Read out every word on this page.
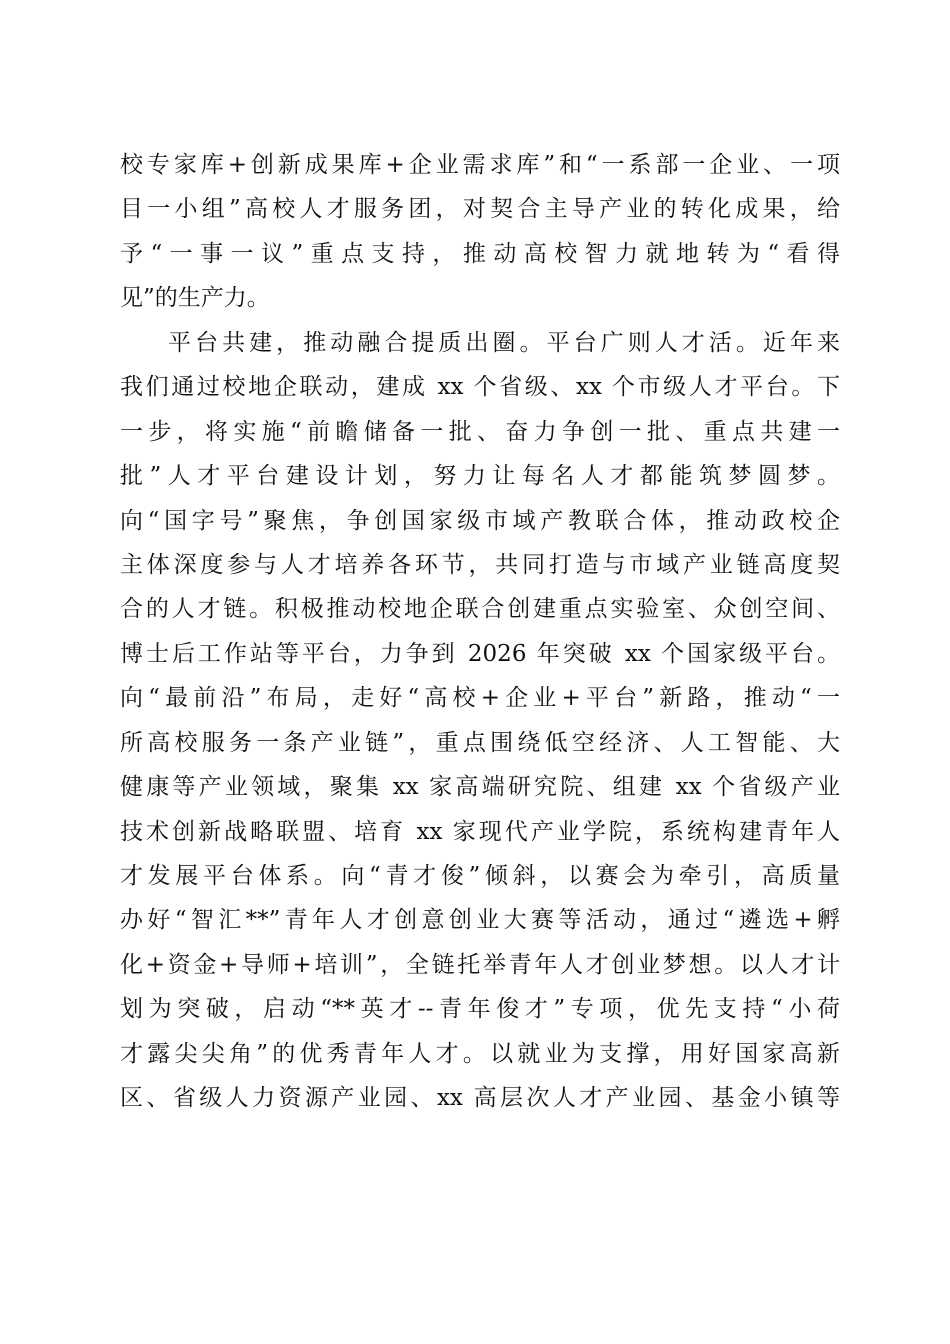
校专家库+创新成果库+企业需求库”和“一系部一企业、一项
目一小组”高校人才服务团，对契合主导产业的转化成果，给
予“一事一议”重点支持，推动高校智力就地转为“看得
见”的生产力。
平台共建，推动融合提质出圈。平台广则人才活。近年来
我们通过校地企联动，建成 xx 个省级、xx 个市级人才平台。下
一步，将实施“前瞻储备一批、奋力争创一批、重点共建一
批”人才平台建设计划，努力让每名人才都能筑梦圆梦。
向“国字号”聚焦，争创国家级市域产教联合体，推动政校企
主体深度参与人才培养各环节，共同打造与市域产业链高度契
合的人才链。积极推动校地企联合创建重点实验室、众创空间、
博士后工作站等平台，力争到 2026 年突破 xx 个国家级平台。
向“最前沿”布局，走好“高校+企业+平台”新路，推动“一
所高校服务一条产业链”，重点围绕低空经济、人工智能、大
健康等产业领域，聚集 xx 家高端研究院、组建 xx 个省级产业
技术创新战略联盟、培育 xx 家现代产业学院，系统构建青年人
才发展平台体系。向“青才俊”倾斜，以赛会为牵引，高质量
办好“智汇**”青年人才创意创业大赛等活动，通过“遴选+孵
化+资金+导师+培训”，全链托举青年人才创业梦想。以人才计
划为突破，启动“**英才--青年俊才”专项，优先支持“小荷
才露尖尖角”的优秀青年人才。以就业为支撑，用好国家高新
区、省级人力资源产业园、xx 高层次人才产业园、基金小镇等
